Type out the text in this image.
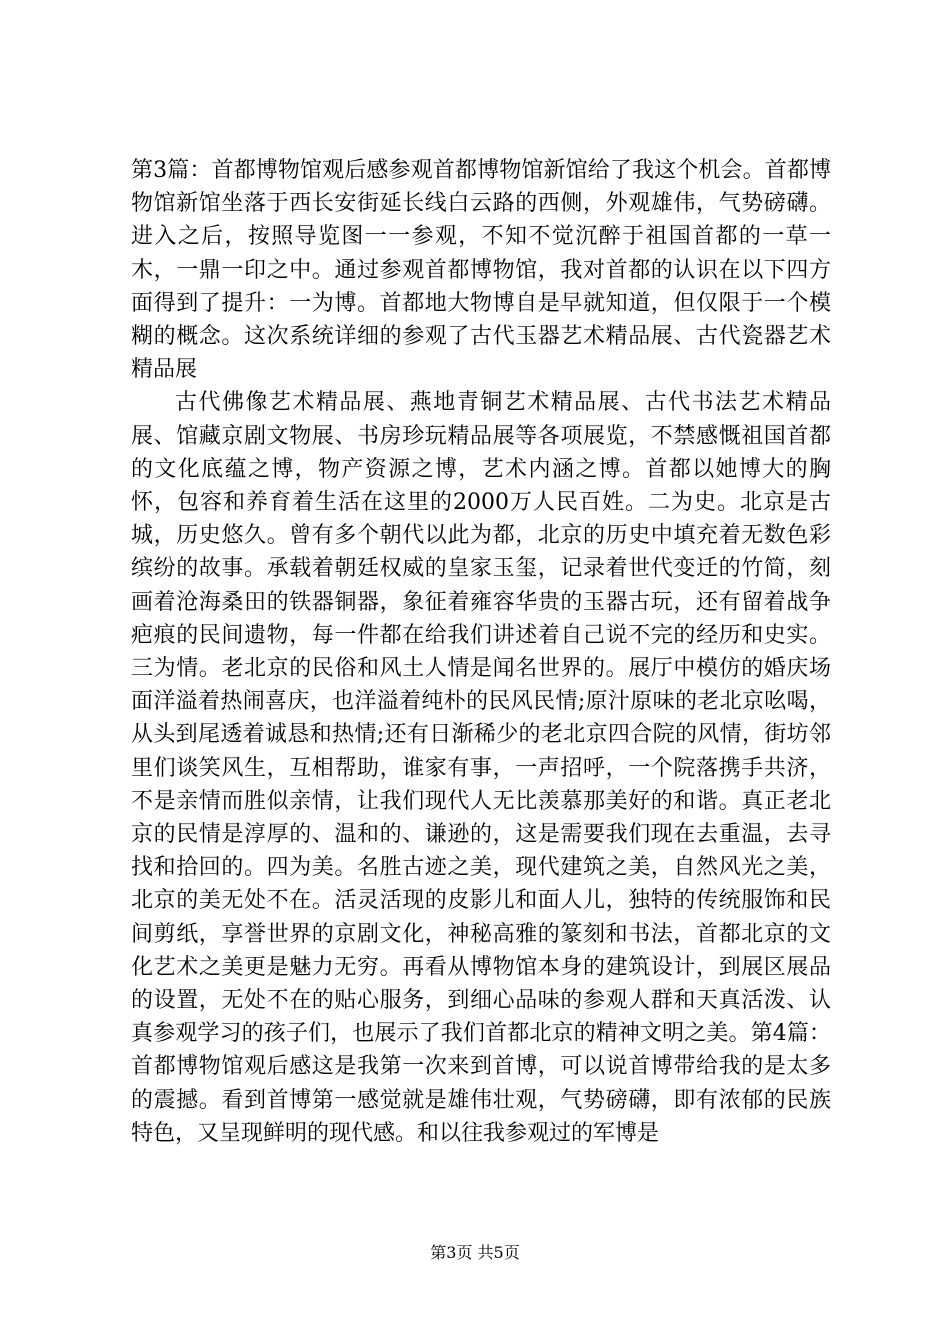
第3篇：首都博物馆观后感参观首都博物馆新馆给了我这个机会。首都博物馆新馆坐落于西长安街延长线白云路的西侧，外观雄伟，气势磅礴。进入之后，按照导览图一一参观，不知不觉沉醉于祖国首都的一草一木，一鼎一印之中。通过参观首都博物馆，我对首都的认识在以下四方面得到了提升：一为博。首都地大物博自是早就知道，但仅限于一个模糊的概念。这次系统详细的参观了古代玉器艺术精品展、古代瓷器艺术精品展

古代佛像艺术精品展、燕地青铜艺术精品展、古代书法艺术精品展、馆藏京剧文物展、书房珍玩精品展等各项展览，不禁感慨祖国首都的文化底蕴之博，物产资源之博，艺术内涵之博。首都以她博大的胸怀，包容和养育着生活在这里的2000万人民百姓。二为史。北京是古城，历史悠久。曾有多个朝代以此为都，北京的历史中填充着无数色彩缤纷的故事。承载着朝廷权威的皇家玉玺，记录着世代变迁的竹简，刻画着沧海桑田的铁器铜器，象征着雍容华贵的玉器古玩，还有留着战争疤痕的民间遗物，每一件都在给我们讲述着自己说不完的经历和史实。三为情。老北京的民俗和风土人情是闻名世界的。展厅中模仿的婚庆场面洋溢着热闹喜庆，也洋溢着纯朴的民风民情;原汁原味的老北京吆喝，从头到尾透着诚恳和热情;还有日渐稀少的老北京四合院的风情，街坊邻里们谈笑风生，互相帮助，谁家有事，一声招呼，一个院落携手共济，不是亲情而胜似亲情，让我们现代人无比羡慕那美好的和谐。真正老北京的民情是淳厚的、温和的、谦逊的，这是需要我们现在去重温，去寻找和拾回的。四为美。名胜古迹之美，现代建筑之美，自然风光之美，北京的美无处不在。活灵活现的皮影儿和面人儿，独特的传统服饰和民间剪纸，享誉世界的京剧文化，神秘高雅的篆刻和书法，首都北京的文化艺术之美更是魅力无穷。再看从博物馆本身的建筑设计，到展区展品的设置，无处不在的贴心服务，到细心品味的参观人群和天真活泼、认真参观学习的孩子们，也展示了我们首都北京的精神文明之美。第4篇：首都博物馆观后感这是我第一次来到首博，可以说首博带给我的是太多的震撼。看到首博第一感觉就是雄伟壮观，气势磅礴，即有浓郁的民族特色，又呈现鲜明的现代感。和以往我参观过的军博是

第3页 共5页
